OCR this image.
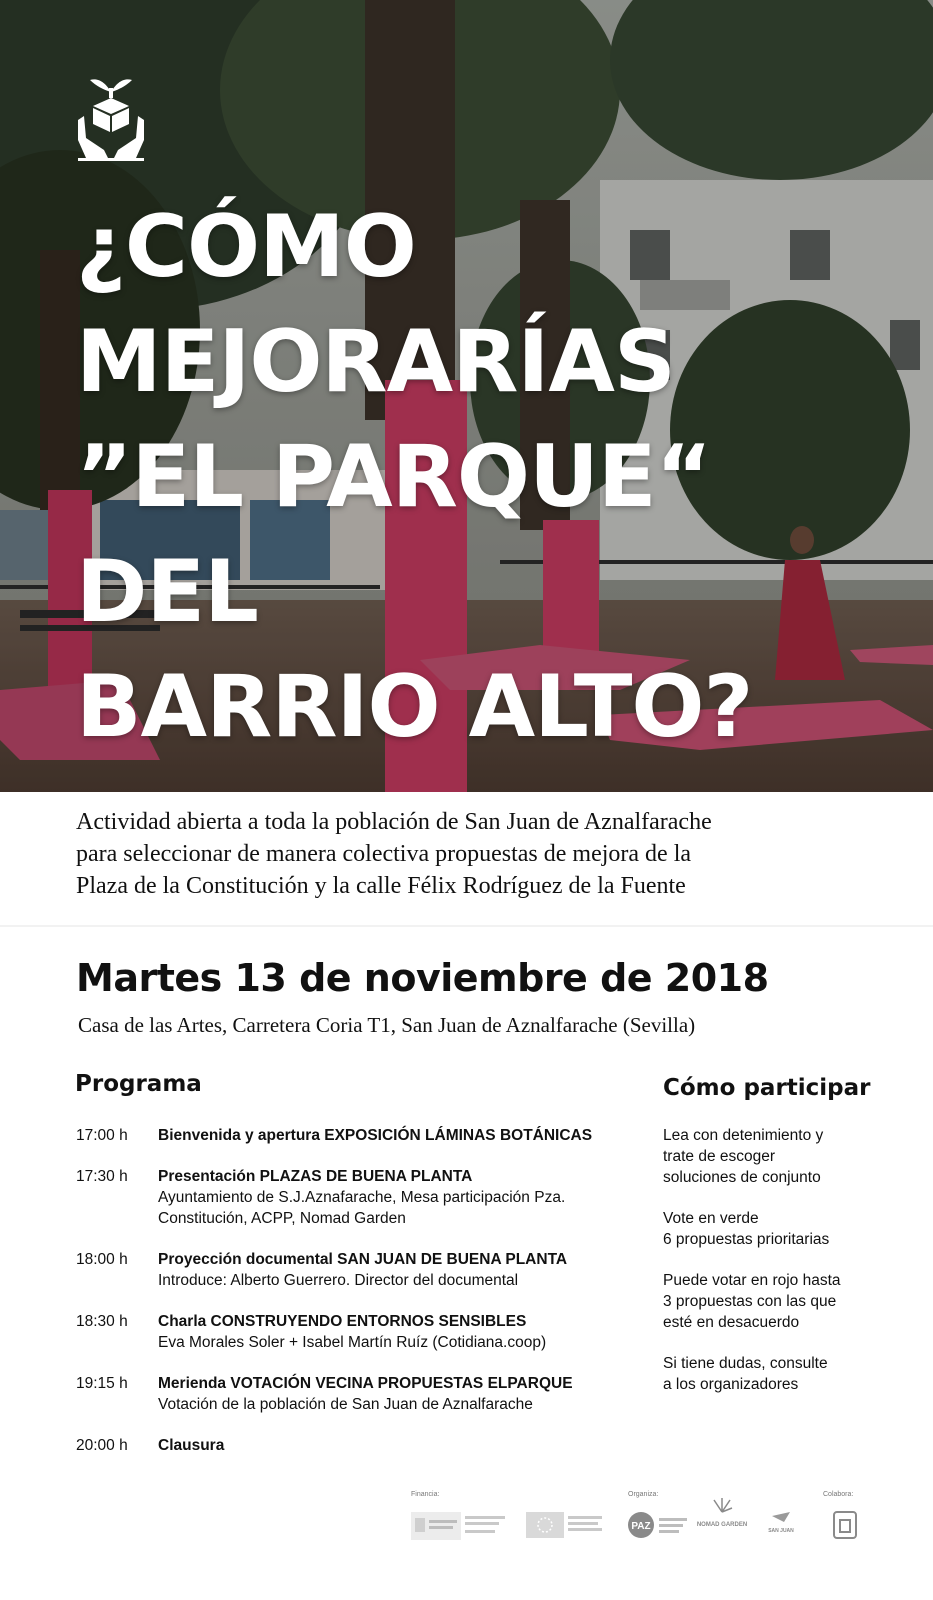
¿CÓMO
MEJORARÍAS
”EL PARQUE“
DEL
BARRIO ALTO?
Actividad abierta a toda la población de San Juan de Aznalfarache
para seleccionar de manera colectiva propuestas de mejora de la
Plaza de la Constitución y la calle Félix Rodríguez de la Fuente
Martes 13 de noviembre de 2018
Casa de las Artes, Carretera Coria T1, San Juan de Aznalfarache (Sevilla)
Programa
17:00 h	Bienvenida y apertura EXPOSICIÓN LÁMINAS BOTÁNICAS
17:30 h	Presentación PLAZAS DE BUENA PLANTA
Ayuntamiento de S.J.Aznafarache, Mesa participación Pza.
Constitución, ACPP, Nomad Garden
18:00 h	Proyección documental SAN JUAN DE BUENA PLANTA
Introduce: Alberto Guerrero. Director del documental
18:30 h	Charla CONSTRUYENDO ENTORNOS SENSIBLES
Eva Morales Soler + Isabel Martín Ruíz (Cotidiana.coop)
19:15 h	Merienda VOTACIÓN VECINA PROPUESTAS ELPARQUE
Votación de la población de San Juan de Aznalfarache
20:00 h	Clausura
Cómo participar
Lea con detenimiento y
trate de escoger
soluciones de conjunto
Vote en verde
6 propuestas prioritarias
Puede votar en rojo hasta
3 propuestas con las que
esté en desacuerdo
Si tiene dudas, consulte
a los organizadores
Financia:	Organiza:	Colabora:
PAZ	NOMAD GARDEN
SAN JUAN
